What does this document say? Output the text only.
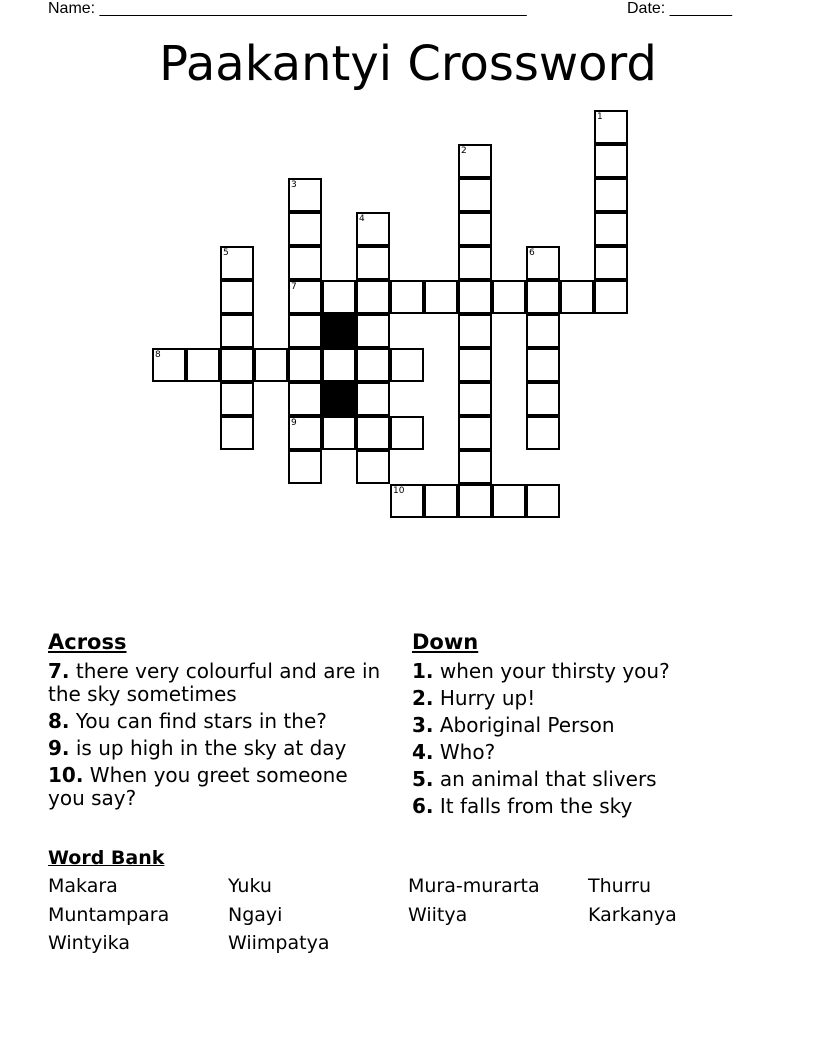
Name: ________________________________________________	Date: _______
Paakantyi Crossword
1
2
3
7
9
4
5	6
8
10
Across
7. there very colourful and are in the sky sometimes
8. You can find stars in the?
9. is up high in the sky at day
10. When you greet someone you say?
Down
1. when your thirsty you?
2. Hurry up!
3. Aboriginal Person
4. Who?
5. an animal that slivers
6. It falls from the sky
Word Bank
Makara	Yuku	Mura-murarta	Thurru
Muntampara	Ngayi	Wiitya	Karkanya
Wintyika	Wiimpatya
